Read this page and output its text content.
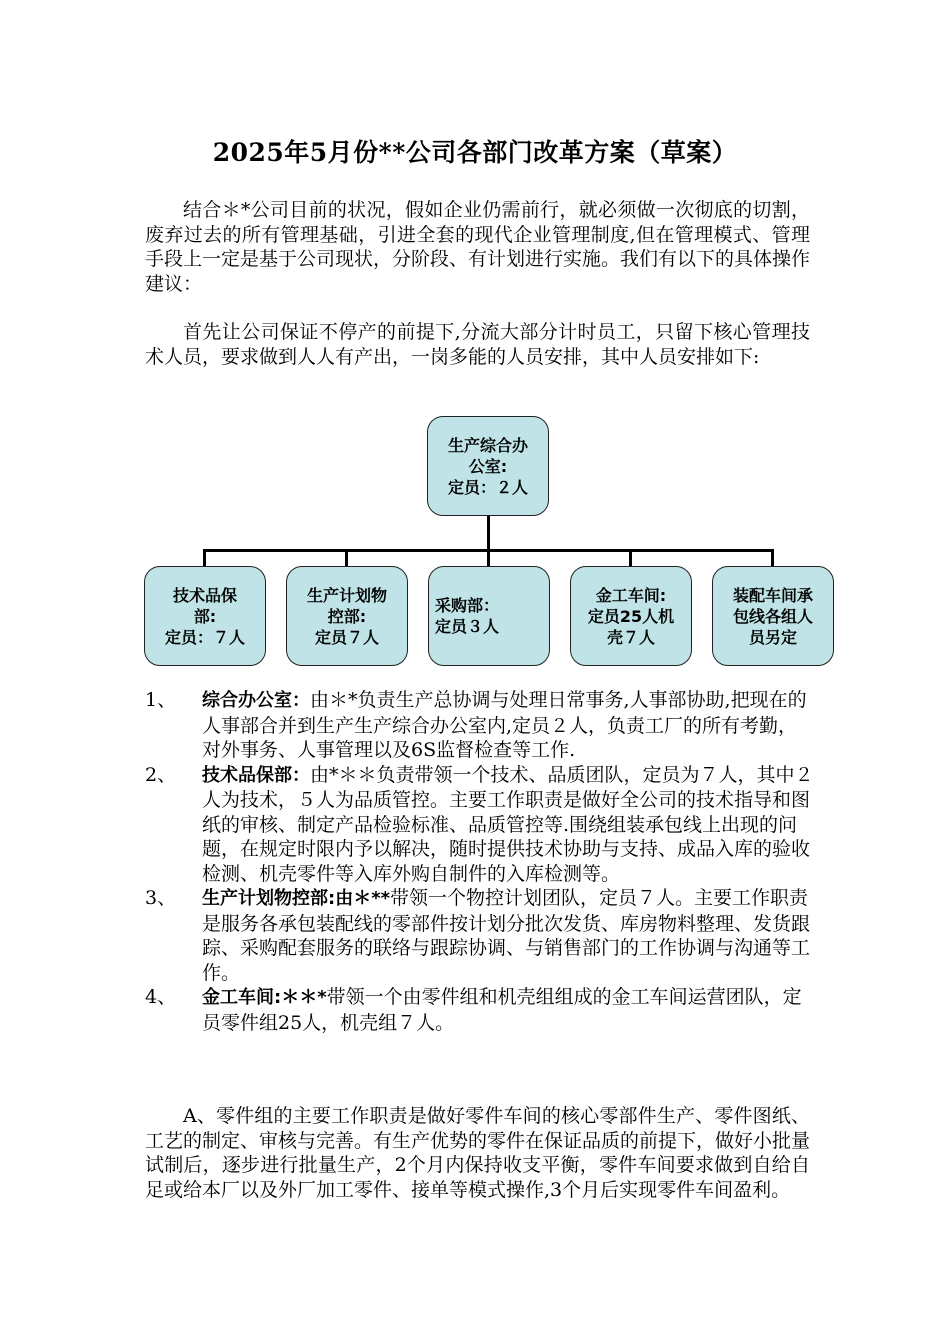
2025年5月份**公司各部门改革方案（草案）
结合＊*公司目前的状况，假如企业仍需前行，就必须做一次彻底的切割，废弃过去的所有管理基础，引进全套的现代企业管理制度,但在管理模式、管理手段上一定是基于公司现状，分阶段、有计划进行实施。我们有以下的具体操作建议：
首先让公司保证不停产的前提下,分流大部分计时员工，只留下核心管理技术人员，要求做到人人有产出，一岗多能的人员安排，其中人员安排如下:
生产综合办
公室:
定员：２人
技术品保
部:
定员：７人
生产计划物
控部:
定员７人
采购部：
定员３人
金工车间:
定员25人机
壳７人
装配车间承
包线各组人
员另定

1、 综合办公室：由＊*负责生产总协调与处理日常事务,人事部协助,把现在的人事部合并到生产生产综合办公室内,定员２人，负责工厂的所有考勤，对外事务、人事管理以及6S监督检查等工作.

2、 技术品保部：由*＊＊负责带领一个技术、品质团队，定员为７人，其中２人为技术，５人为品质管控。主要工作职责是做好全公司的技术指导和图纸的审核、制定产品检验标准、品质管控等.围绕组装承包线上出现的问题，在规定时限内予以解决，随时提供技术协助与支持、成品入库的验收检测、机壳零件等入库外购自制件的入库检测等。

3、 生产计划物控部:由＊**带领一个物控计划团队，定员７人。主要工作职责是服务各承包装配线的零部件按计划分批次发货、库房物料整理、发货跟踪、采购配套服务的联络与跟踪协调、与销售部门的工作协调与沟通等工作。

4、 金工车间:＊＊*带领一个由零件组和机壳组组成的金工车间运营团队，定员零件组25人，机壳组７人。

A、零件组的主要工作职责是做好零件车间的核心零部件生产、零件图纸、工艺的制定、审核与完善。有生产优势的零件在保证品质的前提下，做好小批量试制后，逐步进行批量生产，2个月内保持收支平衡，零件车间要求做到自给自足或给本厂以及外厂加工零件、接单等模式操作,3个月后实现零件车间盈利。
